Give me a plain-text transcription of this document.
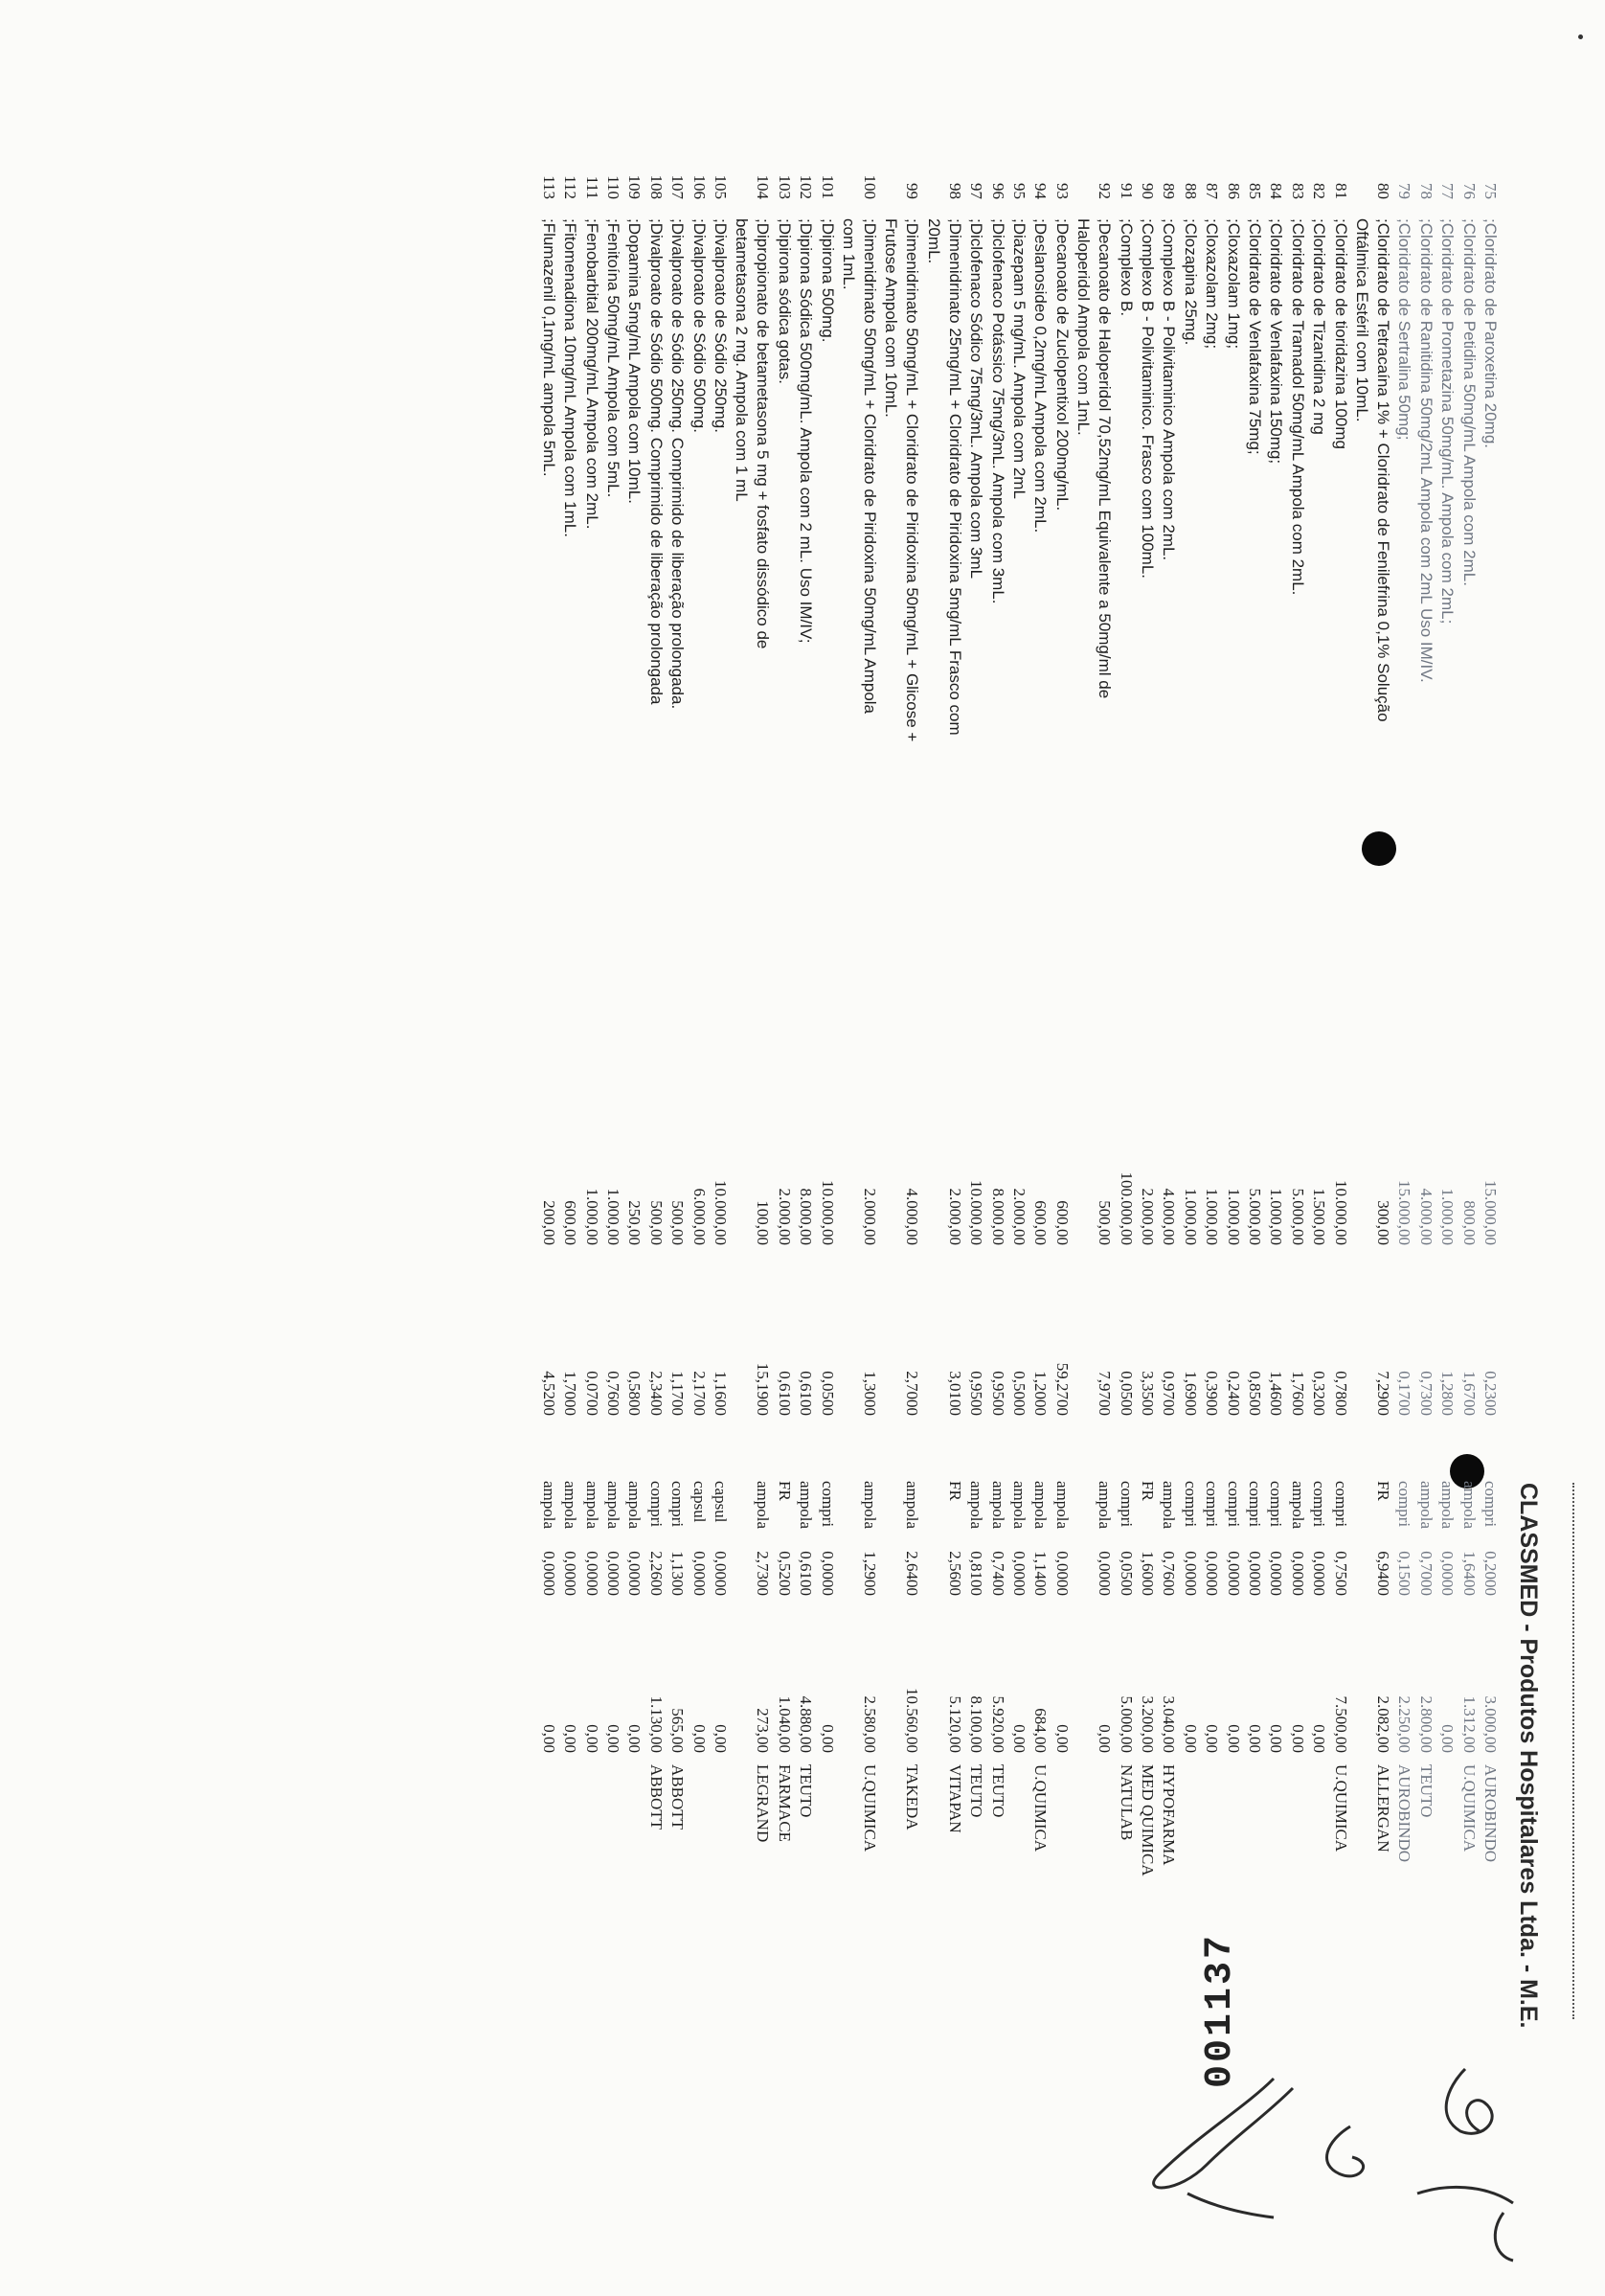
75
;Cloridrato de Paroxetina 20mg.
compri
15.000,00
0,2300
0,2000
3.000,00
AUROBINDO
76
;Cloridrato de Petidina 50mg/mL Ampola com 2mL.
ampola
800,00
1,6700
1,6400
1.312,00
U.QUIMICA
77
;Cloridrato de Prometazina 50mg/mL. Ampola com 2mL;
ampola
1.000,00
1,2800
0,0000
0,00
78
;Cloridrato de Ranitidina 50mg/2mL Ampola com 2mL Uso IM/IV.
ampola
4.000,00
0,7300
0,7000
2.800,00
TEUTO
79
;Cloridrato de Sertralina 50mg;
compri
15.000,00
0,1700
0,1500
2.250,00
AUROBINDO
80
;Cloridrato de Tetracaína 1% + Cloridrato de Fenilefrina 0,1% Solução
FR
300,00
7,2900
6,9400
2.082,00
ALLERGAN
Oftálmica Estéril com 10mL.
81
;Cloridrato de tioridazina 100mg
compri
10.000,00
0,7800
0,7500
7.500,00
U.QUIMICA
82
;Cloridrato de Tizanidina 2 mg
compri
1.500,00
0,3200
0,0000
0,00
83
;Cloridrato de Tramadol 50mg/mL Ampola com 2mL.
ampola
5.000,00
1,7600
0,0000
0,00
84
;Cloridrato de Venlafaxina 150mg;
compri
1.000,00
1,4600
0,0000
0,00
85
;Cloridrato de Venlafaxina 75mg;
compri
5.000,00
0,8500
0,0000
0,00
86
;Cloxazolam 1mg;
compri
1.000,00
0,2400
0,0000
0,00
87
;Cloxazolam 2mg;
compri
1.000,00
0,3900
0,0000
0,00
88
;Clozapina 25mg.
compri
1.000,00
1,6900
0,0000
0,00
89
;Complexo B - Polivitaminico Ampola com 2mL.
ampola
4.000,00
0,9700
0,7600
3.040,00
HYPOFARMA
90
;Complexo B - Polivitaminico. Frasco com 100mL.
FR
2.000,00
3,3500
1,6000
3.200,00
MED QUIMICA
91
;Complexo B.
compri
100.000,00
0,0500
0,0500
5.000,00
NATULAB
92
;Decanoato de Haloperidol 70,52mg/mL Equivalente a 50mg/ml de
ampola
500,00
7,9700
0,0000
0,00
Haloperidol Ampola com 1mL.
93
;Decanoato de Zuclopentixol 200mg/mL.
ampola
600,00
59,2700
0,0000
0,00
94
;Deslanosideo 0,2mg/mL Ampola com 2mL.
ampola
600,00
1,2000
1,1400
684,00
U.QUIMICA
95
;Diazepam 5 mg/mL. Ampola com 2mL
ampola
2.000,00
0,5000
0,0000
0,00
96
;Diclofenaco Potássico 75mg/3mL. Ampola com 3mL.
ampola
8.000,00
0,9500
0,7400
5.920,00
TEUTO
97
;Diclofenaco Sódico 75mg/3mL. Ampola com 3mL
ampola
10.000,00
0,9500
0,8100
8.100,00
TEUTO
98
;Dimenidrinato 25mg/mL + Cloridrato de Piridoxina 5mg/mL Frasco com
FR
2.000,00
3,0100
2,5600
5.120,00
VITAPAN
20mL.
99
;Dimenidrinato 50mg/mL + Cloridrato de Piridoxina 50mg/mL + Glicose +
ampola
4.000,00
2,7000
2,6400
10.560,00
TAKEDA
Frutose Ampola com 10mL.
100
;Dimenidrinato 50mg/mL + Cloridrato de Piridoxina 50mg/mL Ampola
ampola
2.000,00
1,3000
1,2900
2.580,00
U.QUIMICA
com 1mL.
101
;Dipirona 500mg.
compri
10.000,00
0,0500
0,0000
0,00
102
;Dipirona Sódica 500mg/mL. Ampola com 2 mL. Uso IM/IV;
ampola
8.000,00
0,6100
0,6100
4.880,00
TEUTO
103
;Dipirona sódica gotas.
FR
2.000,00
0,6100
0,5200
1.040,00
FARMACE
104
;Dipropionato de betametasona 5 mg + fosfato dissódico de
ampola
100,00
15,1900
2,7300
273,00
LEGRAND
betametasona 2 mg. Ampola com 1 mL
105
;Divalproato de Sódio 250mg.
capsul
10.000,00
1,1600
0,0000
0,00
106
;Divalproato de Sódio 500mg.
capsul
6.000,00
2,1700
0,0000
0,00
107
;Divalproato de Sódio 250mg. Comprimido de liberação prolongada.
compri
500,00
1,1700
1,1300
565,00
ABBOTT
108
;Divalproato de Sódio 500mg. Comprimido de liberação prolongada
compri
500,00
2,3400
2,2600
1.130,00
ABBOTT
109
;Dopamina 5mg/mL Ampola com 10mL.
ampola
250,00
0,5800
0,0000
0,00
110
;Fenitoína 50mg/mL Ampola com 5mL.
ampola
1.000,00
0,7600
0,0000
0,00
111
;Fenobarbital 200mg/mL Ampola com 2mL.
ampola
1.000,00
0,0700
0,0000
0,00
112
;Fitomenadiona 10mg/mL Ampola com 1mL.
ampola
600,00
1,7000
0,0000
0,00
113
;Flumazenil 0,1mg/mL ampola 5mL.
ampola
200,00
4,5200
0,0000
0,00	CLASSMED - Produtos Hospitalares Ltda. - M.E.
001137
